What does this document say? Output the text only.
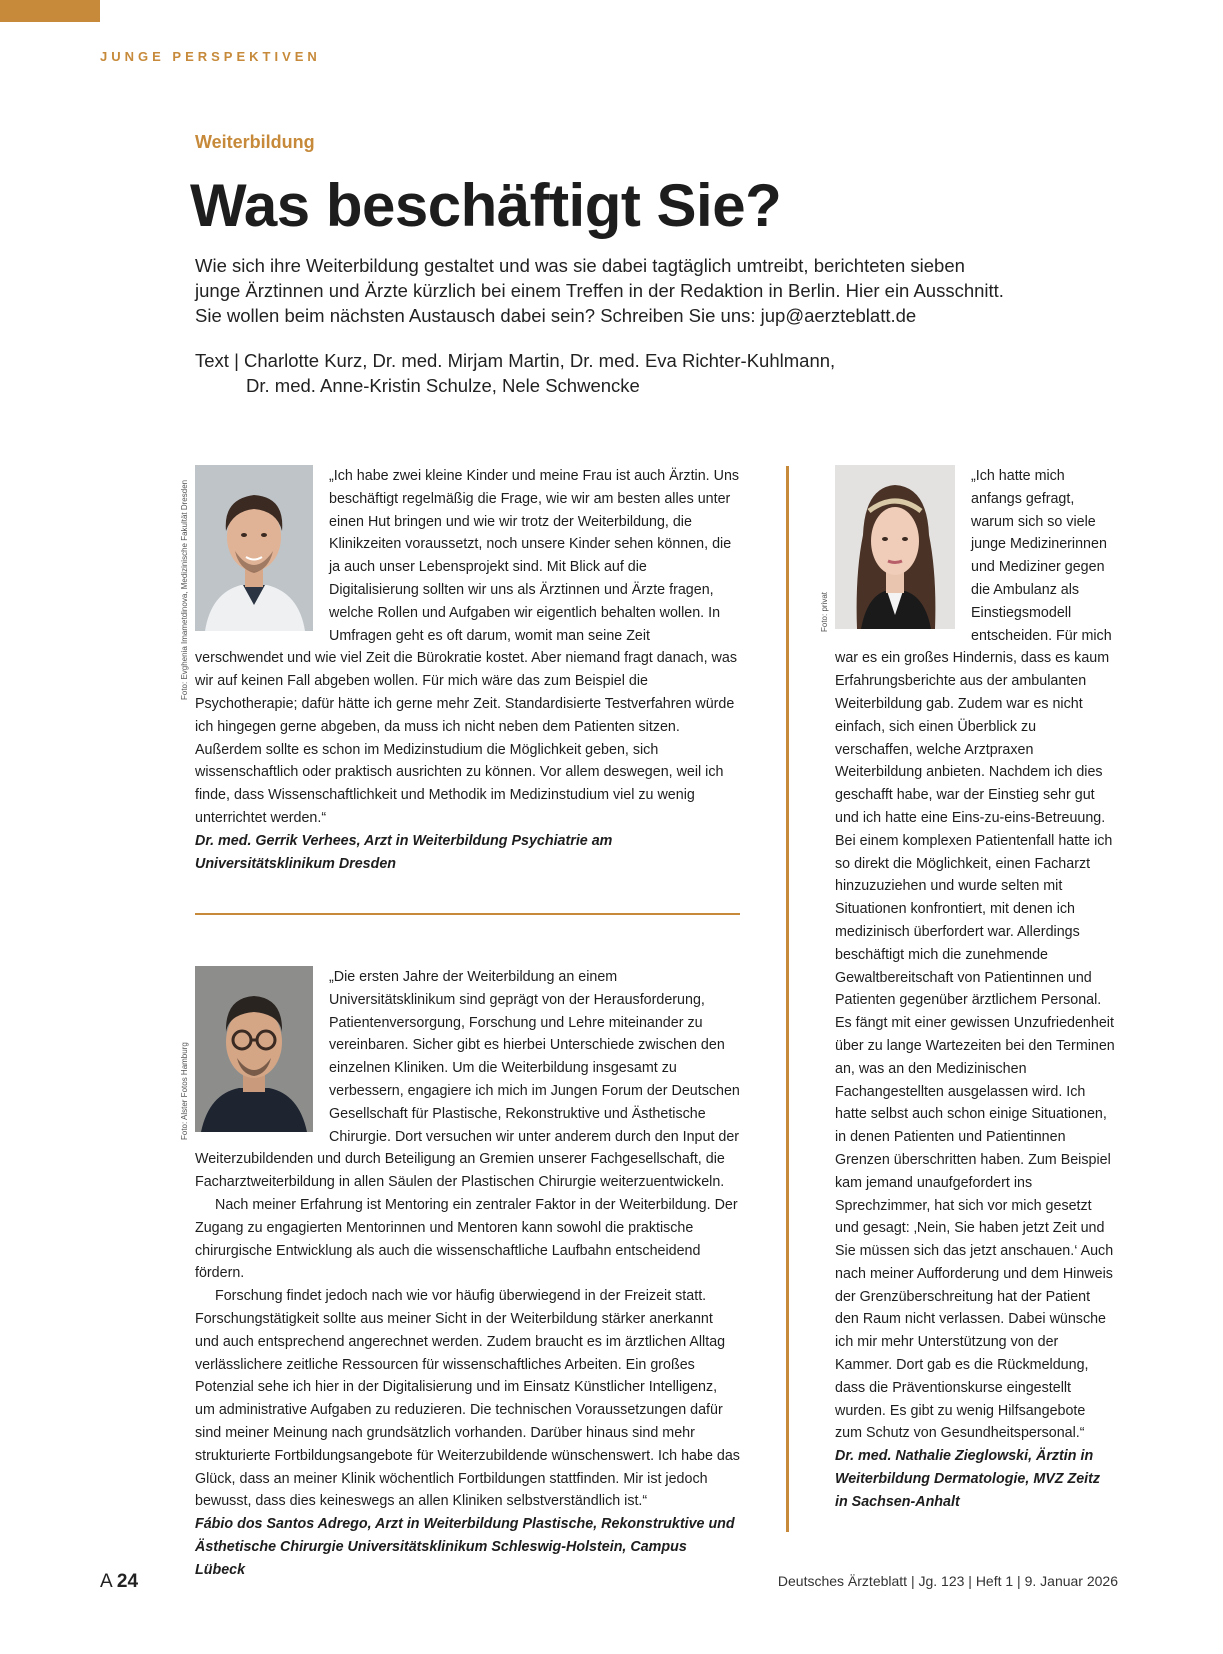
JUNGE PERSPEKTIVEN
Weiterbildung
Was beschäftigt Sie?

Wie sich ihre Weiterbildung gestaltet und was sie dabei tagtäglich umtreibt, berichteten sieben

junge Ärztinnen und Ärzte kürzlich bei einem Treffen in der Redaktion in Berlin. Hier ein Ausschnitt.

Sie wollen beim nächsten Austausch dabei sein? Schreiben Sie uns: jup@aerzteblatt.de

Text | Charlotte Kurz, Dr. med. Mirjam Martin, Dr. med. Eva Richter-Kuhlmann,
Dr. med. Anne-Kristin Schulze, Nele Schwencke

„Ich habe zwei kleine Kinder und meine Frau ist auch Ärztin. Uns beschäftigt regelmäßig die Frage, wie wir am besten alles unter einen Hut bringen und wie wir trotz der Weiterbildung, die Klinikzeiten voraussetzt, noch unsere Kinder sehen können, die ja auch unser Lebensprojekt sind. Mit Blick auf die Digitalisierung sollten wir uns als Ärztinnen und Ärzte fragen, welche Rollen und Aufgaben wir eigentlich behalten wollen. In Umfragen geht es oft darum, womit man seine Zeit verschwendet und wie viel Zeit die Bürokratie kostet. Aber niemand fragt danach, was wir auf keinen Fall abgeben wollen. Für mich wäre das zum Beispiel die Psychotherapie; dafür hätte ich gerne mehr Zeit. Standardisierte Testverfahren würde ich hingegen gerne abgeben, da muss ich nicht neben dem Patienten sitzen.

Außerdem sollte es schon im Medizinstudium die Möglichkeit geben, sich wissenschaftlich oder praktisch ausrichten zu können. Vor allem deswegen, weil ich finde, dass Wissenschaftlichkeit und Methodik im Medizinstudium viel zu wenig unterrichtet werden.“

Dr. med. Gerrik Verhees, Arzt in Weiterbildung Psychiatrie am Universitätsklinikum Dresden

Foto: Evghenia Imametdinova, Medizinische Fakultät Dresden

„Die ersten Jahre der Weiterbildung an einem Universitätsklinikum sind geprägt von der Herausforderung, Patientenversorgung, Forschung und Lehre miteinander zu vereinbaren. Sicher gibt es hierbei Unterschiede zwischen den einzelnen Kliniken. Um die Weiterbildung insgesamt zu verbessern, engagiere ich mich im Jungen Forum der Deutschen Gesellschaft für Plastische, Rekonstruktive und Ästhetische Chirurgie. Dort versuchen wir unter anderem durch den Input der Weiterzubildenden und durch Beteiligung an Gremien unserer Fachgesellschaft, die Facharztweiterbildung in allen Säulen der Plastischen Chirurgie weiterzuentwickeln.

Nach meiner Erfahrung ist Mentoring ein zentraler Faktor in der Weiterbildung. Der Zugang zu engagierten Mentorinnen und Mentoren kann sowohl die praktische chirurgische Entwicklung als auch die wissenschaftliche Laufbahn entscheidend fördern.

Forschung findet jedoch nach wie vor häufig überwiegend in der Freizeit statt. Forschungstätigkeit sollte aus meiner Sicht in der Weiterbildung stärker anerkannt und auch entsprechend angerechnet werden. Zudem braucht es im ärztlichen Alltag verlässlichere zeitliche Ressourcen für wissenschaftliches Arbeiten. Ein großes Potenzial sehe ich hier in der Digitalisierung und im Einsatz Künstlicher Intelligenz, um administrative Aufgaben zu reduzieren. Die technischen Voraussetzungen dafür sind meiner Meinung nach grundsätzlich vorhanden. Darüber hinaus sind mehr strukturierte Fortbildungsangebote für Weiterzubildende wünschenswert. Ich habe das Glück, dass an meiner Klinik wöchentlich Fortbildungen stattfinden. Mir ist jedoch bewusst, dass dies keineswegs an allen Kliniken selbstverständlich ist.“

Fábio dos Santos Adrego, Arzt in Weiterbildung Plastische, Rekonstruktive und Ästhetische Chirurgie Universitätsklinikum Schleswig-Holstein, Campus Lübeck

Foto: Alster Fotos Hamburg

„Ich hatte mich anfangs gefragt, warum sich so viele junge Medizinerinnen und Mediziner gegen die Ambulanz als Einstiegsmodell entscheiden. Für mich war es ein großes Hindernis, dass es kaum Erfahrungsberichte aus der ambulanten Weiterbildung gab. Zudem war es nicht einfach, sich einen Überblick zu verschaffen, welche Arztpraxen Weiterbildung anbieten. Nachdem ich dies geschafft habe, war der Einstieg sehr gut und ich hatte eine Eins-zu-eins-Betreuung. Bei einem komplexen Patientenfall hatte ich so direkt die Möglichkeit, einen Facharzt hinzuzuziehen und wurde selten mit Situationen konfrontiert, mit denen ich medizinisch überfordert war. Allerdings beschäftigt mich die zunehmende Gewaltbereitschaft von Patientinnen und Patienten gegenüber ärztlichem Personal. Es fängt mit einer gewissen Unzufriedenheit über zu lange Wartezeiten bei den Terminen an, was an den Medizinischen Fachangestellten ausgelassen wird. Ich hatte selbst auch schon einige Situationen, in denen Patienten und Patientinnen Grenzen überschritten haben. Zum Beispiel kam jemand unaufgefordert ins Sprechzimmer, hat sich vor mich gesetzt und gesagt: ‚Nein, Sie haben jetzt Zeit und Sie müssen sich das jetzt anschauen.‘ Auch nach meiner Aufforderung und dem Hinweis der Grenzüberschreitung hat der Patient den Raum nicht verlassen. Dabei wünsche ich mir mehr Unterstützung von der Kammer. Dort gab es die Rückmeldung, dass die Präventionskurse eingestellt wurden. Es gibt zu wenig Hilfsangebote zum Schutz von Gesundheitspersonal.“

Dr. med. Nathalie Zieglowski, Ärztin in Weiterbildung Dermatologie, MVZ Zeitz in Sachsen-Anhalt

Foto: privat
A 24	Deutsches Ärzteblatt | Jg. 123 | Heft 1 | 9. Januar 2026
